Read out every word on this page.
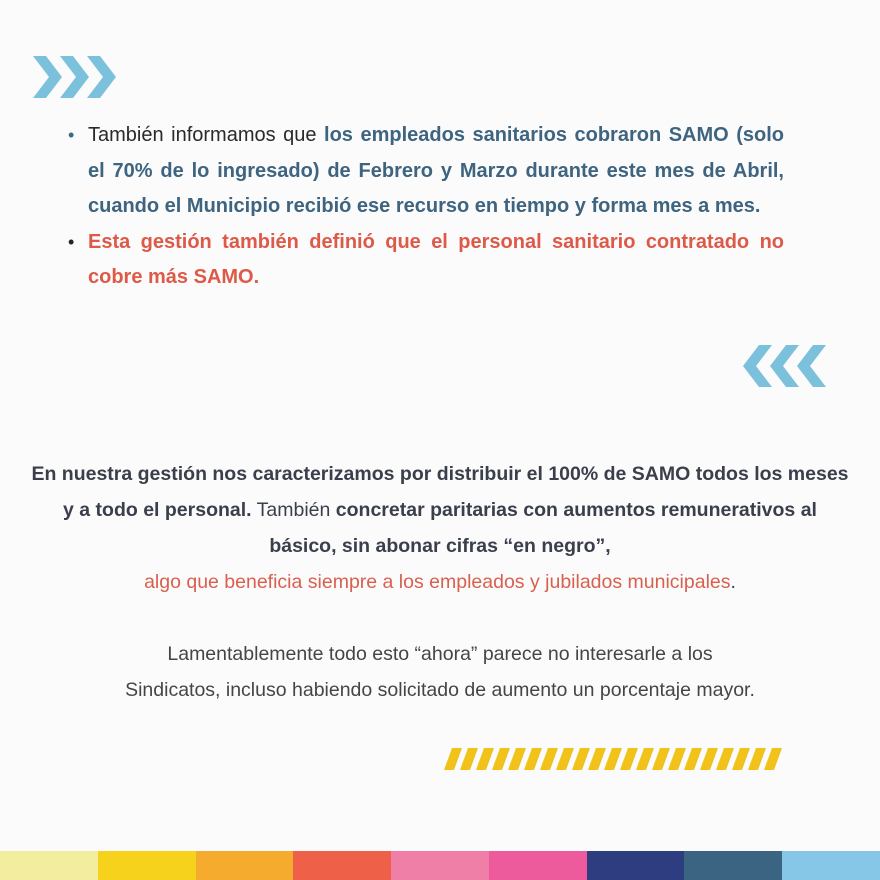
• También informamos que los empleados sanitarios cobraron SAMO (solo el 70% de lo ingresado) de Febrero y Marzo durante este mes de Abril, cuando el Municipio recibió ese recurso en tiempo y forma mes a mes.
• Esta gestión también definió que el personal sanitario contratado no cobre más SAMO.
En nuestra gestión nos caracterizamos por distribuir el 100% de SAMO todos los meses y a todo el personal. También concretar paritarias con aumentos remunerativos al básico, sin abonar cifras “en negro”,
algo que beneficia siempre a los empleados y jubilados municipales.
Lamentablemente todo esto “ahora” parece no interesarle a los
Sindicatos, incluso habiendo solicitado de aumento un porcentaje mayor.
